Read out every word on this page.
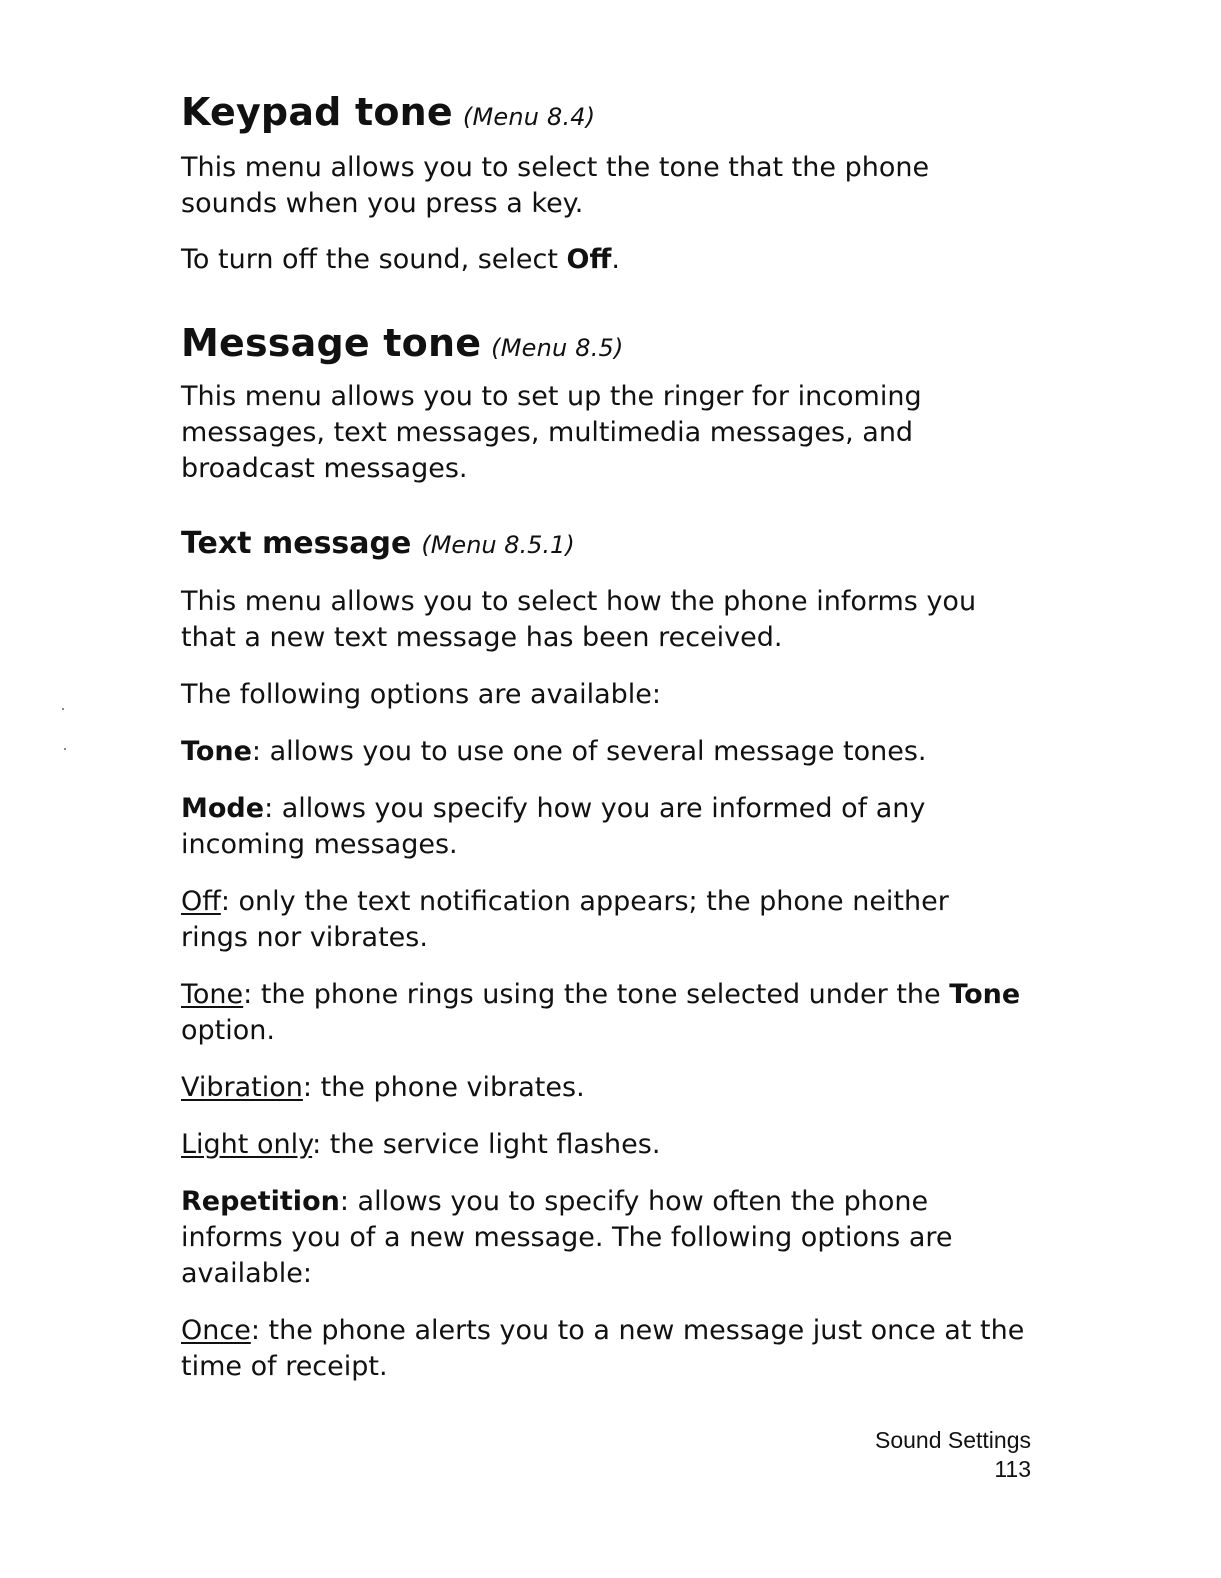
Keypad tone (Menu 8.4)

This menu allows you to select the tone that the phone sounds when you press a key.

To turn off the sound, select Off.

Message tone (Menu 8.5)

This menu allows you to set up the ringer for incoming messages, text messages, multimedia messages, and broadcast messages.

Text message (Menu 8.5.1)

This menu allows you to select how the phone informs you that a new text message has been received.

The following options are available:

Tone: allows you to use one of several message tones.

Mode: allows you specify how you are informed of any incoming messages.

Off: only the text notification appears; the phone neither rings nor vibrates.

Tone: the phone rings using the tone selected under the Tone option.

Vibration: the phone vibrates.

Light only: the service light flashes.

Repetition: allows you to specify how often the phone informs you of a new message. The following options are available:

Once: the phone alerts you to a new message just once at the time of receipt.

Sound Settings
113
